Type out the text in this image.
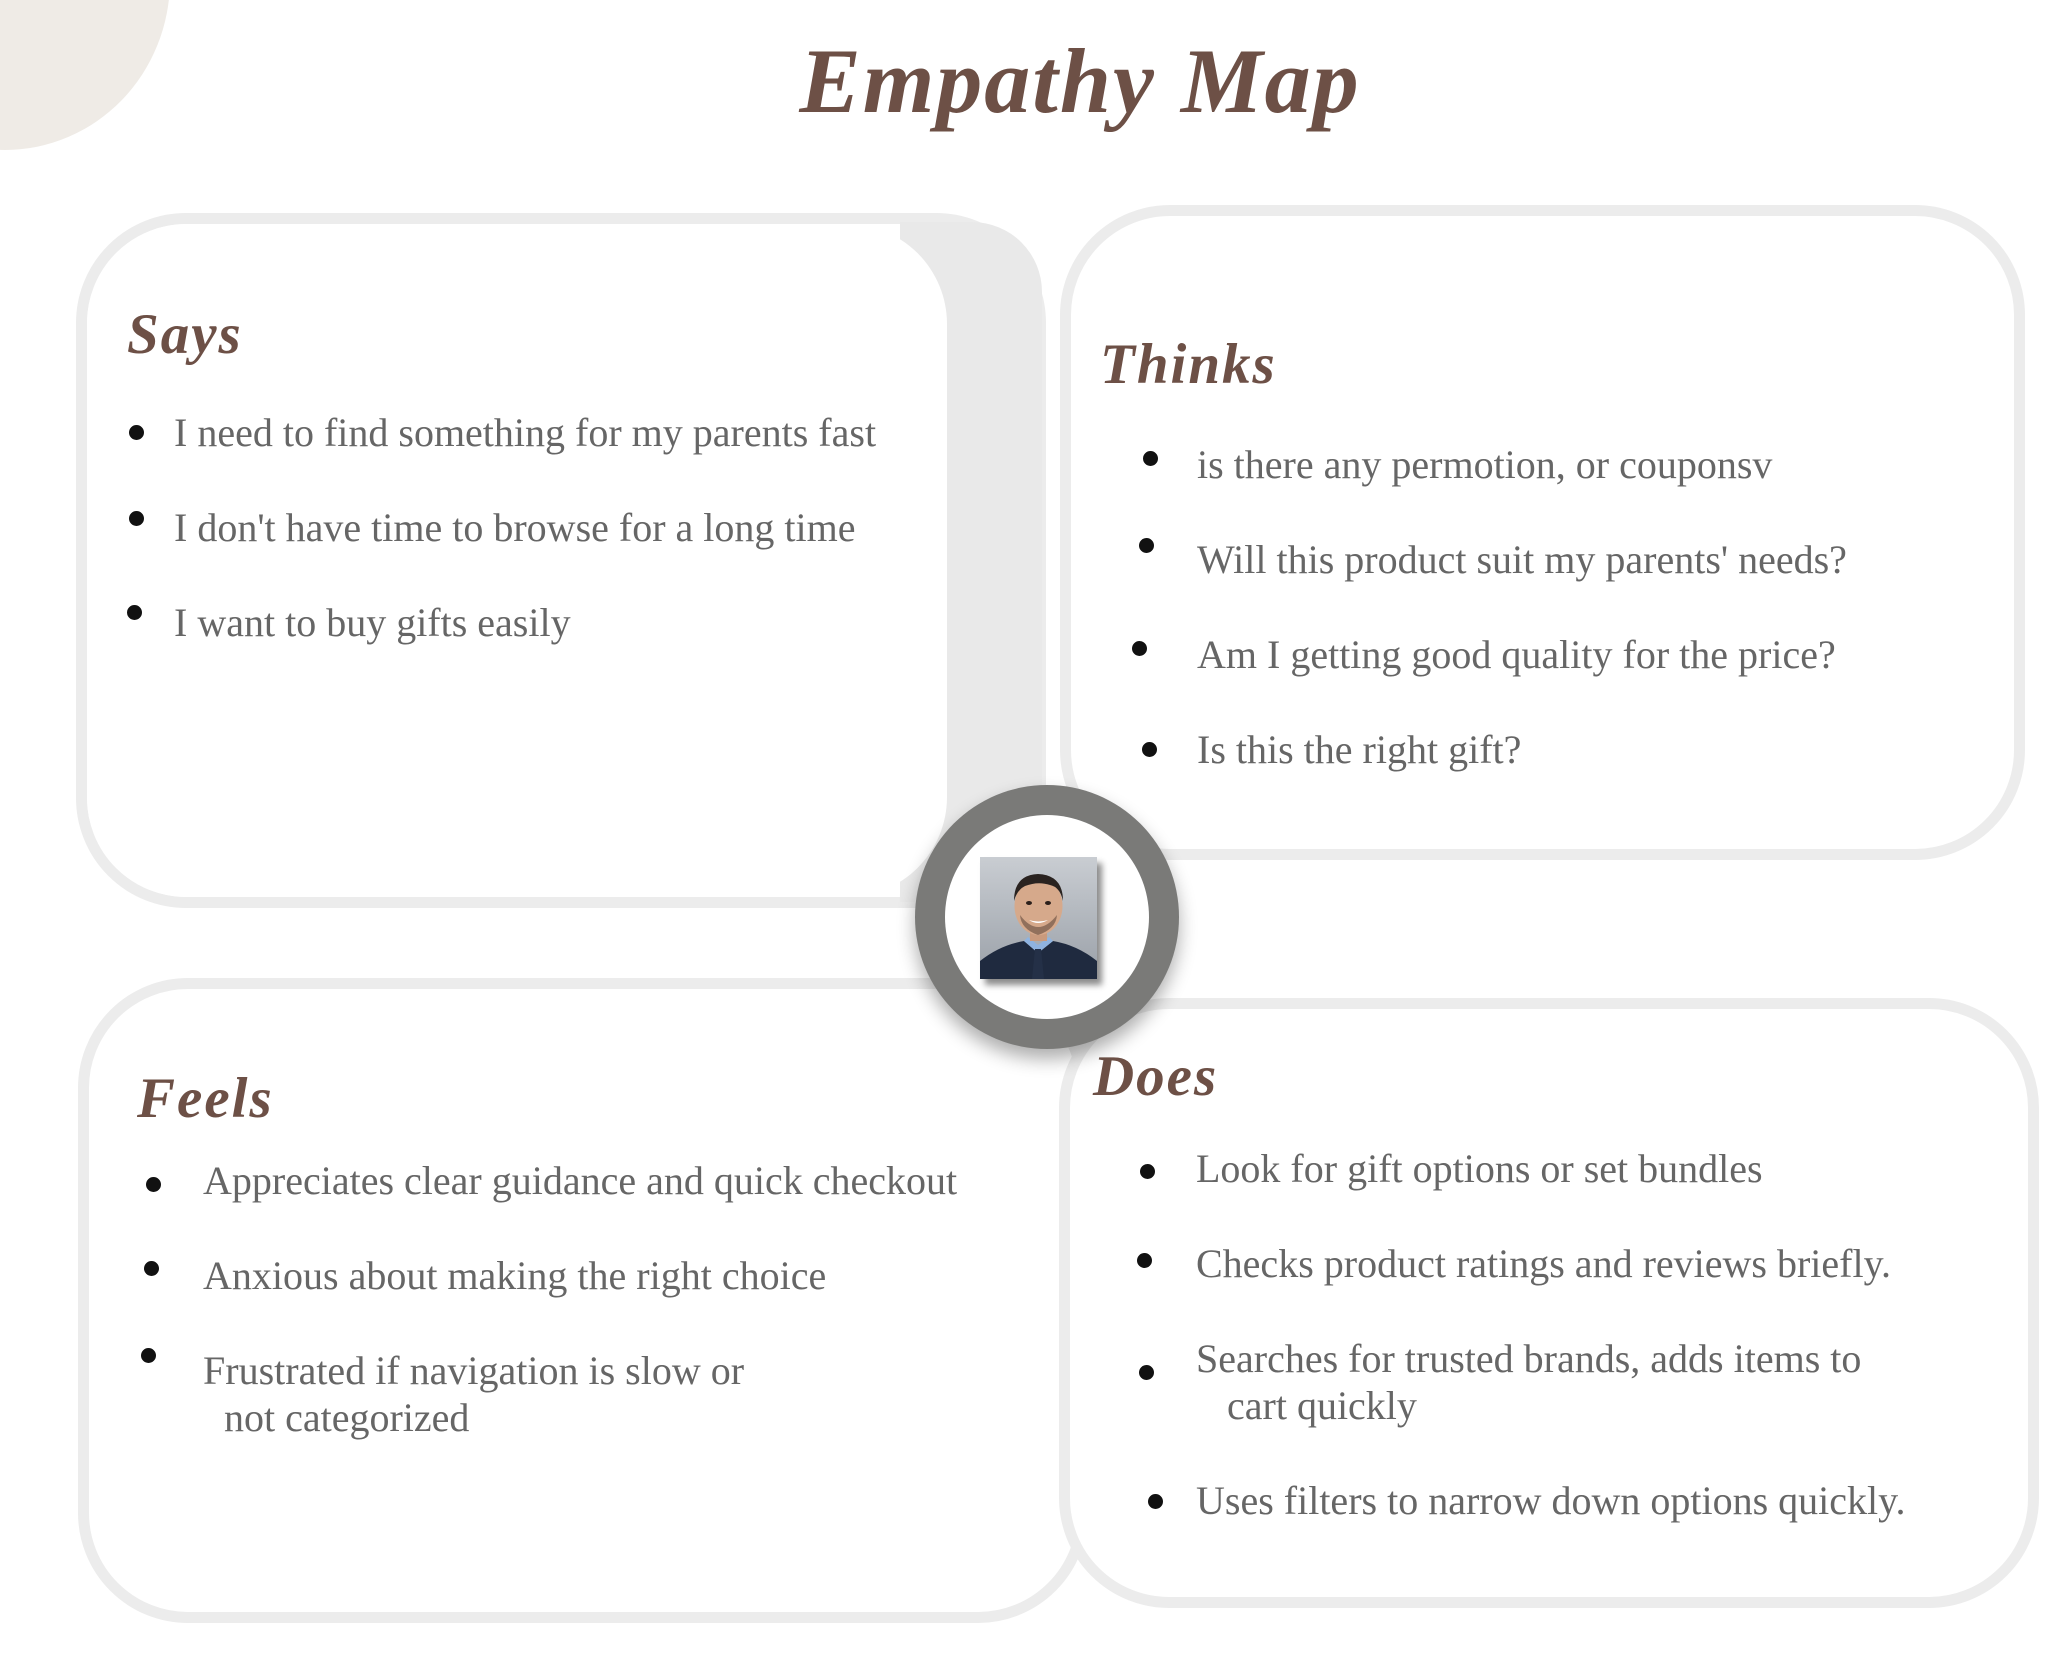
Empathy Map
Says
I need to find something for my parents fast
I don't have time to browse for a long time
I want to buy gifts easily
Thinks
is there any permotion, or couponsv
Will this product suit my parents' needs?
Am I getting good quality for the price?
Is this the right gift?
Feels
Appreciates clear guidance and quick checkout
Anxious about making the right choice
Frustrated if navigation is slow or
not categorized
Does
Look for gift options or set bundles
Checks product ratings and reviews briefly.
Searches for trusted brands, adds items to
cart quickly
Uses filters to narrow down options quickly.
